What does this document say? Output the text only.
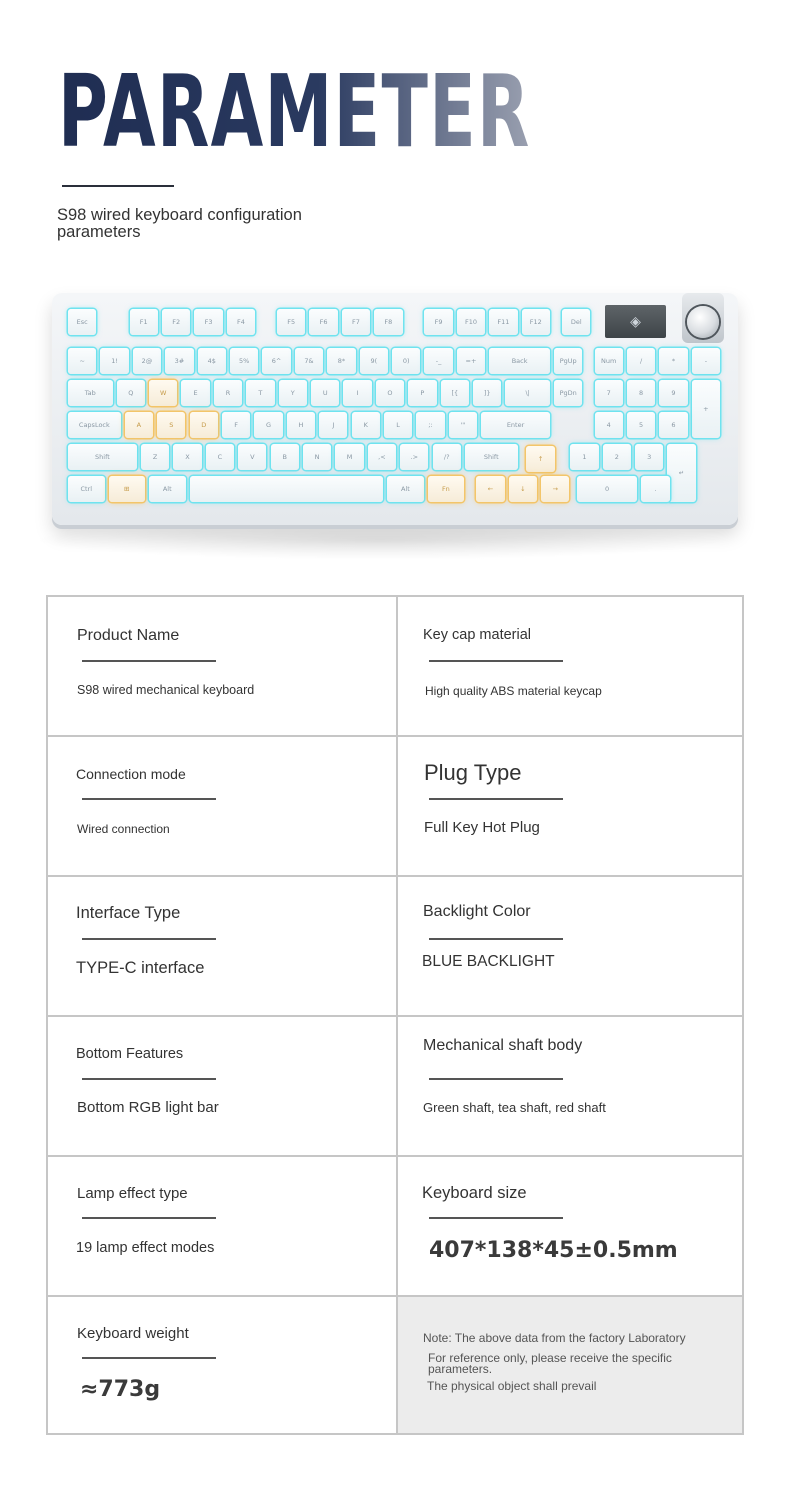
PARAMETER
S98 wired keyboard configuration parameters
◈
Esc	F1	F2	F3	F4	F5	F6	F7	F8	F9	F10	F11	F12	Del
~	1!	2@	3#	4$	5%	6^	7&	8*	9(	0)	-_	=+	Back	PgUp	Num	/	*	-
Tab	Q	W	E	R	T	Y	U	I	O	P	[{	]}	\|	PgDn	7	8	9
+
CapsLock	A	S	D	F	G	H	J	K	L	;:	'"	Enter	4	5	6
Shift	Z	X	C	V	B	N	M	,<	.>	/?	Shift	↑	1	2	3
↵
Ctrl	⊞	Alt	Alt	Fn	←	↓	→	0	.
Product Name
S98 wired mechanical keyboard
Key cap material
High quality ABS material keycap
Connection mode
Wired connection
Plug Type
Full Key Hot Plug
Interface Type
TYPE-C interface
Backlight Color
BLUE BACKLIGHT
Bottom Features
Bottom RGB light bar
Mechanical shaft body
Green shaft, tea shaft, red shaft
Lamp effect type
19 lamp effect modes
Keyboard size
407*138*45±0.5mm
Keyboard weight
≈773g
Note: The above data from the factory Laboratory
For reference only, please receive the specific parameters.
The physical object shall prevail
